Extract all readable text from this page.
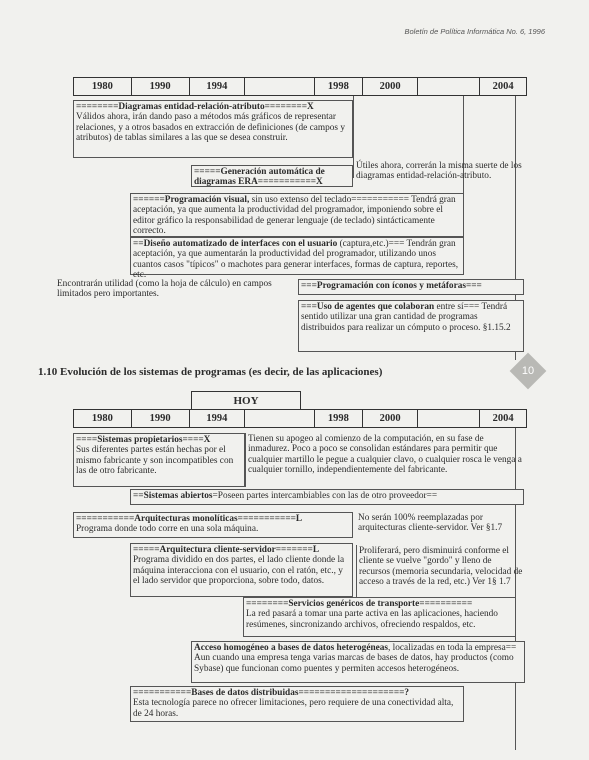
Boletín de Política Informática No. 6, 1996
1980	1990	1994	1998	2000	2004
========Diagramas entidad-relación-atributo========X
Válidos ahora, irán dando paso a métodos más gráficos de representar relaciones, y a otros basados en extracción de definiciones (de campos y atributos) de tablas similares a las que se desea construir.
=====Generación automática de diagramas ERA===========X
Útiles ahora, correrán la misma suerte de los diagramas entidad-relación-atributo.
======Programación visual, sin uso extenso del teclado=========== Tendrá gran aceptación, ya que aumenta la productividad del programador, imponiendo sobre el editor gráfico la responsabilidad de generar lenguaje (de teclado) sintácticamente correcto.
==Diseño automatizado de interfaces con el usuario (captura,etc.)=== Tendrán gran aceptación, ya que aumentarán la productividad del programador, utilizando unos cuantos casos "típicos" o machotes para generar interfaces, formas de captura, reportes, etc.
Encontrarán utilidad (como la hoja de cálculo) en campos limitados pero importantes.
===Programación con íconos y metáforas===
===Uso de agentes que colaboran entre sí=== Tendrá sentido utilizar una gran cantidad de programas distribuidos para realizar un cómputo o proceso. §1.15.2
1.10 Evolución de los sistemas de programas (es decir, de las aplicaciones)	10
HOY
1980	1990	1994	1998	2000	2004
====Sistemas propietarios====X
Sus diferentes partes están hechas por el mismo fabricante y son incompatibles con las de otro fabricante.
Tienen su apogeo al comienzo de la computación, en su fase de inmadurez. Poco a poco se consolidan estándares para permitir que cualquier martillo le pegue a cualquier clavo, o cualquier rosca le venga a cualquier tornillo, independientemente del fabricante.
==Sistemas abiertos=Poseen partes intercambiables con las de otro proveedor==
===========Arquitecturas monolíticas===========L
Programa donde todo corre en una sola máquina.
No serán 100% reemplazadas por arquitecturas cliente-servidor. Ver §1.7
=====Arquitectura cliente-servidor=======L
Programa dividido en dos partes, el lado cliente donde la máquina interacciona con el usuario, con el ratón, etc., y el lado servidor que proporciona, sobre todo, datos.
Proliferará, pero disminuirá conforme el cliente se vuelve "gordo" y lleno de recursos (memoria secundaria, velocidad de acceso a través de la red, etc.) Ver 1§ 1.7
========Servicios genéricos de transporte==========
La red pasará a tomar una parte activa en las aplicaciones, haciendo resúmenes, sincronizando archivos, ofreciendo respaldos, etc.
Acceso homogéneo a bases de datos heterogéneas, localizadas en toda la empresa== Aun cuando una empresa tenga varias marcas de bases de datos, hay productos (como Sybase) que funcionan como puentes y permiten accesos heterogéneos.
===========Bases de datos distribuidas====================?
Esta tecnología parece no ofrecer limitaciones, pero requiere de una conectividad alta, de 24 horas.
